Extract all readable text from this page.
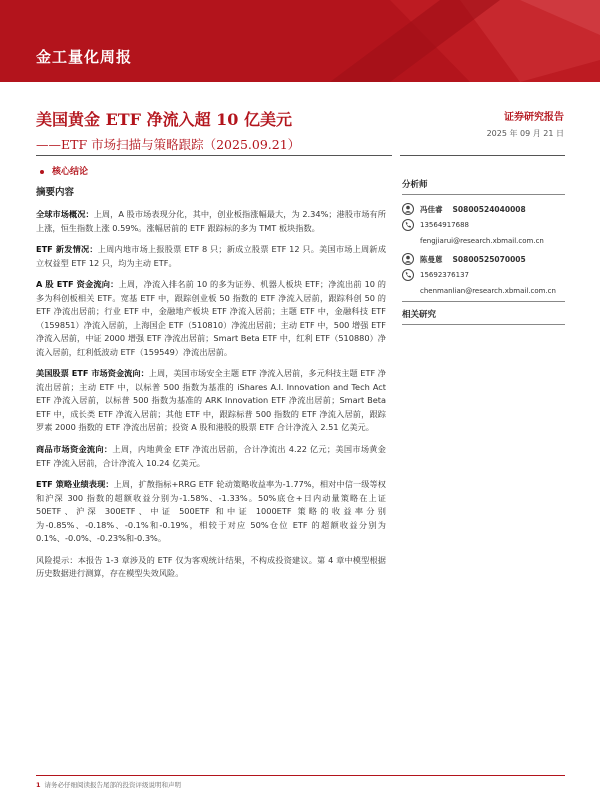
金工量化周报
美国黄金 ETF 净流入超 10 亿美元
——ETF 市场扫描与策略跟踪（2025.09.21）
证券研究报告
2025 年 09 月 21 日
核心结论
摘要内容

全球市场概况：上周，A 股市场表现分化，其中，创业板指涨幅最大，为 2.34%；港股市场有所上涨，恒生指数上涨 0.59%。涨幅居前的 ETF 跟踪标的多为 TMT 板块指数。

ETF 新发情况：上周内地市场上报股票 ETF 8 只；新成立股票 ETF 12 只。美国市场上周新成立权益型 ETF 12 只，均为主动 ETF。

A 股 ETF 资金流向：上周，净流入排名前 10 的多为证券、机器人板块 ETF；净流出前 10 的多为科创板相关 ETF。宽基 ETF 中，跟踪创业板 50 指数的 ETF 净流入居前，跟踪科创 50 的 ETF 净流出居前；行业 ETF 中，金融地产板块 ETF 净流入居前；主题 ETF 中，金融科技 ETF（159851）净流入居前，上海国企 ETF（510810）净流出居前；主动 ETF 中，500 增强 ETF 净流入居前，中证 2000 增强 ETF 净流出居前；Smart Beta ETF 中，红利 ETF（510880）净流入居前，红利低波动 ETF（159549）净流出居前。

美国股票 ETF 市场资金流向：上周，美国市场安全主题 ETF 净流入居前，多元科技主题 ETF 净流出居前；主动 ETF 中，以标普 500 指数为基准的 iShares A.I. Innovation and Tech Act ETF 净流入居前，以标普 500 指数为基准的 ARK Innovation ETF 净流出居前；Smart Beta ETF 中，成长类 ETF 净流入居前；其他 ETF 中，跟踪标普 500 指数的 ETF 净流入居前，跟踪罗素 2000 指数的 ETF 净流出居前；投资 A 股和港股的股票 ETF 合计净流入 2.51 亿美元。

商品市场资金流向：上周，内地黄金 ETF 净流出居前，合计净流出 4.22 亿元；美国市场黄金 ETF 净流入居前，合计净流入 10.24 亿美元。

ETF 策略业绩表现：上周，扩散指标+RRG ETF 轮动策略收益率为-1.77%，相对中信一级等权和沪深 300 指数的超额收益分别为-1.58%、-1.33%。50%底仓+日内动量策略在上证 50ETF、沪深 300ETF、中证 500ETF 和中证 1000ETF 策略的收益率分别为-0.85%、-0.18%、-0.1%和-0.19%，相较于对应 50%仓位 ETF 的超额收益分别为 0.1%、-0.0%、-0.23%和-0.3%。

风险提示：本报告 1-3 章涉及的 ETF 仅为客观统计结果，不构成投资建议。第 4 章中模型根据历史数据进行测算，存在模型失效风险。

分析师
冯佳睿 S0800524040008
13564917688
fengjiarui@research.xbmail.com.cn
陈曼蒽 S0800525070005
15692376137
chenmanlian@research.xbmail.com.cn
相关研究
1 请务必仔细阅读报告尾部的投资评级说明和声明
